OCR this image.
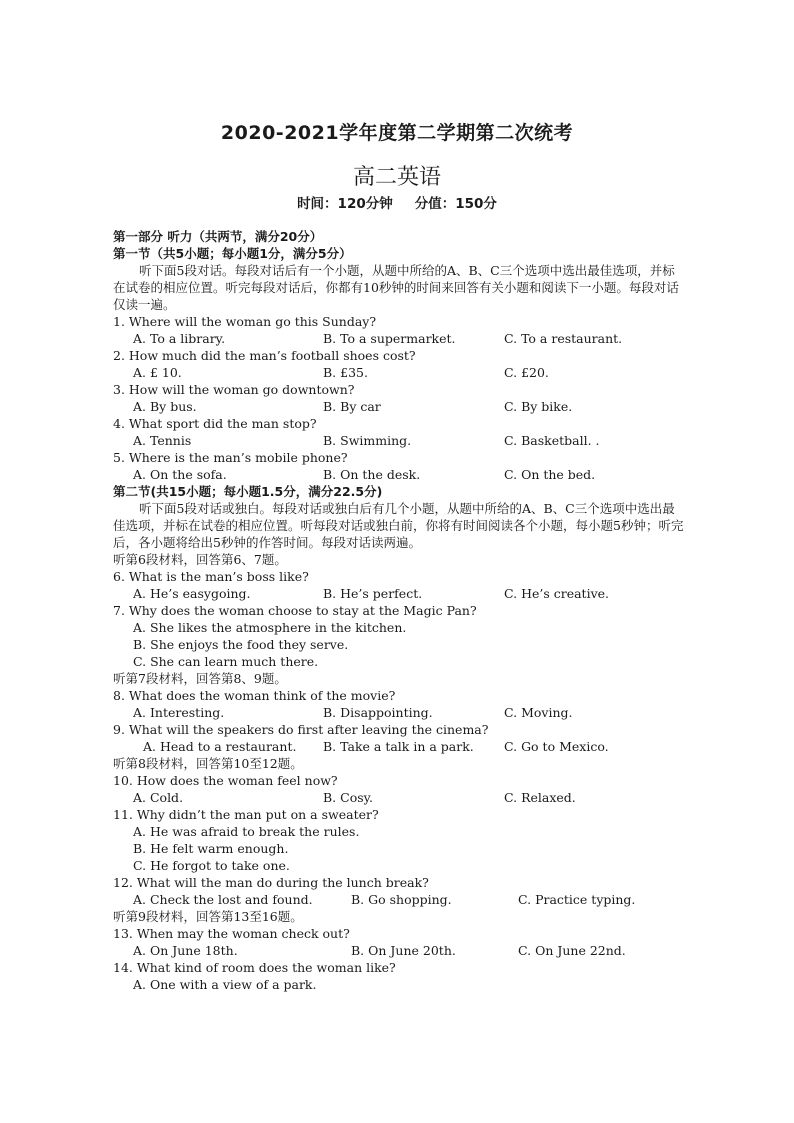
2020-2021学年度第二学期第二次统考
高二英语
时间：120分钟 分值：150分
第一部分 听力（共两节，满分20分）
第一节（共5小题；每小题1分，满分5分）
听下面5段对话。每段对话后有一个小题，从题中所给的A、B、C三个选项中选出最佳选项，并标在试卷的相应位置。听完每段对话后，你都有10秒钟的时间来回答有关小题和阅读下一小题。每段对话仅读一遍。
1. Where will the woman go this Sunday?
A. To a library.	B. To a supermarket.	C. To a restaurant.
2. How much did the man’s football shoes cost?
A. £ 10.	B. £35.	C. £20.
3. How will the woman go downtown?
A. By bus.	B. By car	C. By bike.
4. What sport did the man stop?
A. Tennis	B. Swimming.	C. Basketball. .
5. Where is the man’s mobile phone?
A. On the sofa.	B. On the desk.	C. On the bed.
第二节(共15小题；每小题1.5分，满分22.5分)
听下面5段对话或独白。每段对话或独白后有几个小题，从题中所给的A、B、C三个选项中选出最佳选项，并标在试卷的相应位置。听每段对话或独白前，你将有时间阅读各个小题，每小题5秒钟；听完后，各小题将给出5秒钟的作答时间。每段对话读两遍。
听第6段材料，回答第6、7题。
6. What is the man’s boss like?
A. He’s easygoing.	B. He’s perfect.	C. He’s creative.
7. Why does the woman choose to stay at the Magic Pan?
A. She likes the atmosphere in the kitchen.
B. She enjoys the food they serve.
C. She can learn much there.
听第7段材料，回答第8、9题。
8. What does the woman think of the movie?
A. Interesting.	B. Disappointing.	C. Moving.
9. What will the speakers do first after leaving the cinema?
A. Head to a restaurant. B. Take a talk in a park. C. Go to Mexico.
听第8段材料，回答第10至12题。
10. How does the woman feel now?
A. Cold.	B. Cosy.	C. Relaxed.
11. Why didn’t the man put on a sweater?
A. He was afraid to break the rules.
B. He felt warm enough.
C. He forgot to take one.
12. What will the man do during the lunch break?
A. Check the lost and found.	B. Go shopping.	C. Practice typing.
听第9段材料，回答第13至16题。
13. When may the woman check out?
A. On June 18th.	B. On June 20th.	C. On June 22nd.
14. What kind of room does the woman like?
A. One with a view of a park.
